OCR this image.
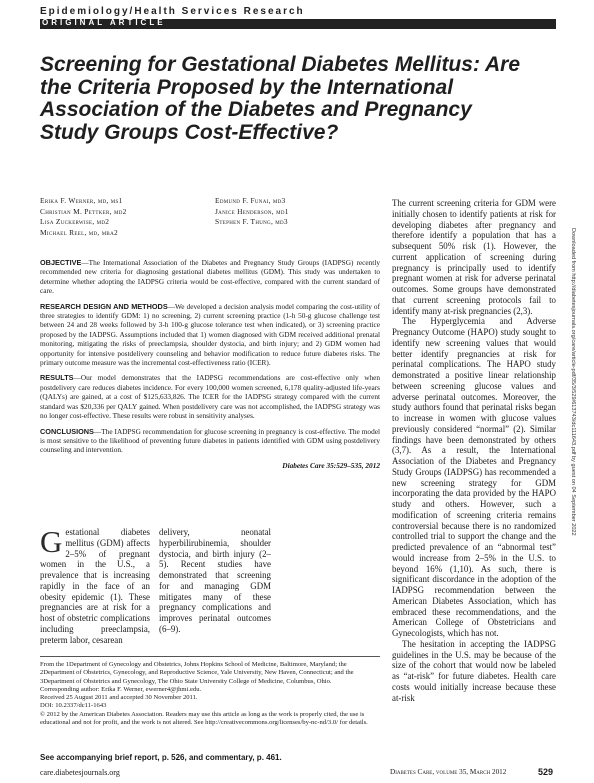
Epidemiology/Health Services Research
ORIGINAL ARTICLE
Screening for Gestational Diabetes Mellitus: Are the Criteria Proposed by the International Association of the Diabetes and Pregnancy Study Groups Cost-Effective?
Erika F. Werner, md, ms1
Christian M. Pettker, md2
Lisa Zuckerwise, md2
Michael Reel, md, mba2
Edmund F. Funai, md3
Janice Henderson, md1
Stephen F. Thung, md3

OBJECTIVE—The International Association of the Diabetes and Pregnancy Study Groups (IADPSG) recently recommended new criteria for diagnosing gestational diabetes mellitus (GDM). This study was undertaken to determine whether adopting the IADPSG criteria would be cost-effective, compared with the current standard of care.

RESEARCH DESIGN AND METHODS—We developed a decision analysis model comparing the cost-utility of three strategies to identify GDM: 1) no screening, 2) current screening practice (1-h 50-g glucose challenge test between 24 and 28 weeks followed by 3-h 100-g glucose tolerance test when indicated), or 3) screening practice proposed by the IADPSG. Assumptions included that 1) women diagnosed with GDM received additional prenatal monitoring, mitigating the risks of preeclampsia, shoulder dystocia, and birth injury; and 2) GDM women had opportunity for intensive postdelivery counseling and behavior modification to reduce future diabetes risks. The primary outcome measure was the incremental cost-effectiveness ratio (ICER).

RESULTS—Our model demonstrates that the IADPSG recommendations are cost-effective only when postdelivery care reduces diabetes incidence. For every 100,000 women screened, 6,178 quality-adjusted life-years (QALYs) are gained, at a cost of $125,633,826. The ICER for the IADPSG strategy compared with the current standard was $20,336 per QALY gained. When postdelivery care was not accomplished, the IADPSG strategy was no longer cost-effective. These results were robust in sensitivity analyses.

CONCLUSIONS—The IADPSG recommendation for glucose screening in pregnancy is cost-effective. The model is most sensitive to the likelihood of preventing future diabetes in patients identified with GDM using postdelivery counseling and intervention.

Diabetes Care 35:529–535, 2012

Gestational diabetes mellitus (GDM) affects 2–5% of pregnant women in the U.S., a prevalence that is increasing rapidly in the face of an obesity epidemic (1). These pregnancies are at risk for a host of obstetric complications including preeclampsia, preterm labor, cesarean

delivery, neonatal hyperbilirubinemia, shoulder dystocia, and birth injury (2–5). Recent studies have demonstrated that screening for and managing GDM mitigates many of these pregnancy complications and improves perinatal outcomes (6–9).

The current screening criteria for GDM were initially chosen to identify patients at risk for developing diabetes after pregnancy and therefore identify a population that has a subsequent 50% risk (1). However, the current application of screening during pregnancy is principally used to identify pregnant women at risk for adverse perinatal outcomes. Some groups have demonstrated that current screening protocols fail to identify many at-risk pregnancies (2,3).

The Hyperglycemia and Adverse Pregnancy Outcome (HAPO) study sought to identify new screening values that would better identify pregnancies at risk for perinatal complications. The HAPO study demonstrated a positive linear relationship between screening glucose values and adverse perinatal outcomes. Moreover, the study authors found that perinatal risks began to increase in women with glucose values previously considered “normal” (2). Similar findings have been demonstrated by others (3,7). As a result, the International Association of the Diabetes and Pregnancy Study Groups (IADPSG) has recommended a new screening strategy for GDM incorporating the data provided by the HAPO study and others. However, such a modification of screening criteria remains controversial because there is no randomized controlled trial to support the change and the predicted prevalence of an “abnormal test” would increase from 2–5% in the U.S. to beyond 16% (1,10). As such, there is significant discordance in the adoption of the IADPSG recommendation between the American Diabetes Association, which has embraced these recommendations, and the American College of Obstetricians and Gynecologists, which has not.

The hesitation in accepting the IADPSG guidelines in the U.S. may be because of the size of the cohort that would now be labeled as “at-risk” for future diabetes. Health care costs would initially increase because these at-risk

From the 1Department of Gynecology and Obstetrics, Johns Hopkins School of Medicine, Baltimore, Maryland; the 2Department of Obstetrics, Gynecology, and Reproductive Science, Yale University, New Haven, Connecticut; and the 3Department of Obstetrics and Gynecology, The Ohio State University College of Medicine, Columbus, Ohio.
Corresponding author: Erika F. Werner, ewerner4@jhmi.edu.
Received 25 August 2011 and accepted 30 November 2011.
DOI: 10.2337/dc11-1643
© 2012 by the American Diabetes Association. Readers may use this article as long as the work is properly cited, the use is educational and not for profit, and the work is not altered. See http://creativecommons.org/licenses/by-nc-nd/3.0/ for details.
See accompanying brief report, p. 526, and commentary, p. 461.
care.diabetesjournals.org	Diabetes Care, volume 35, March 2012	529
Downloaded from http://diabetesjournals.org/care/article-pdf/35/3/529/613743/dc111643.pdf by guest on 04 September 2022
